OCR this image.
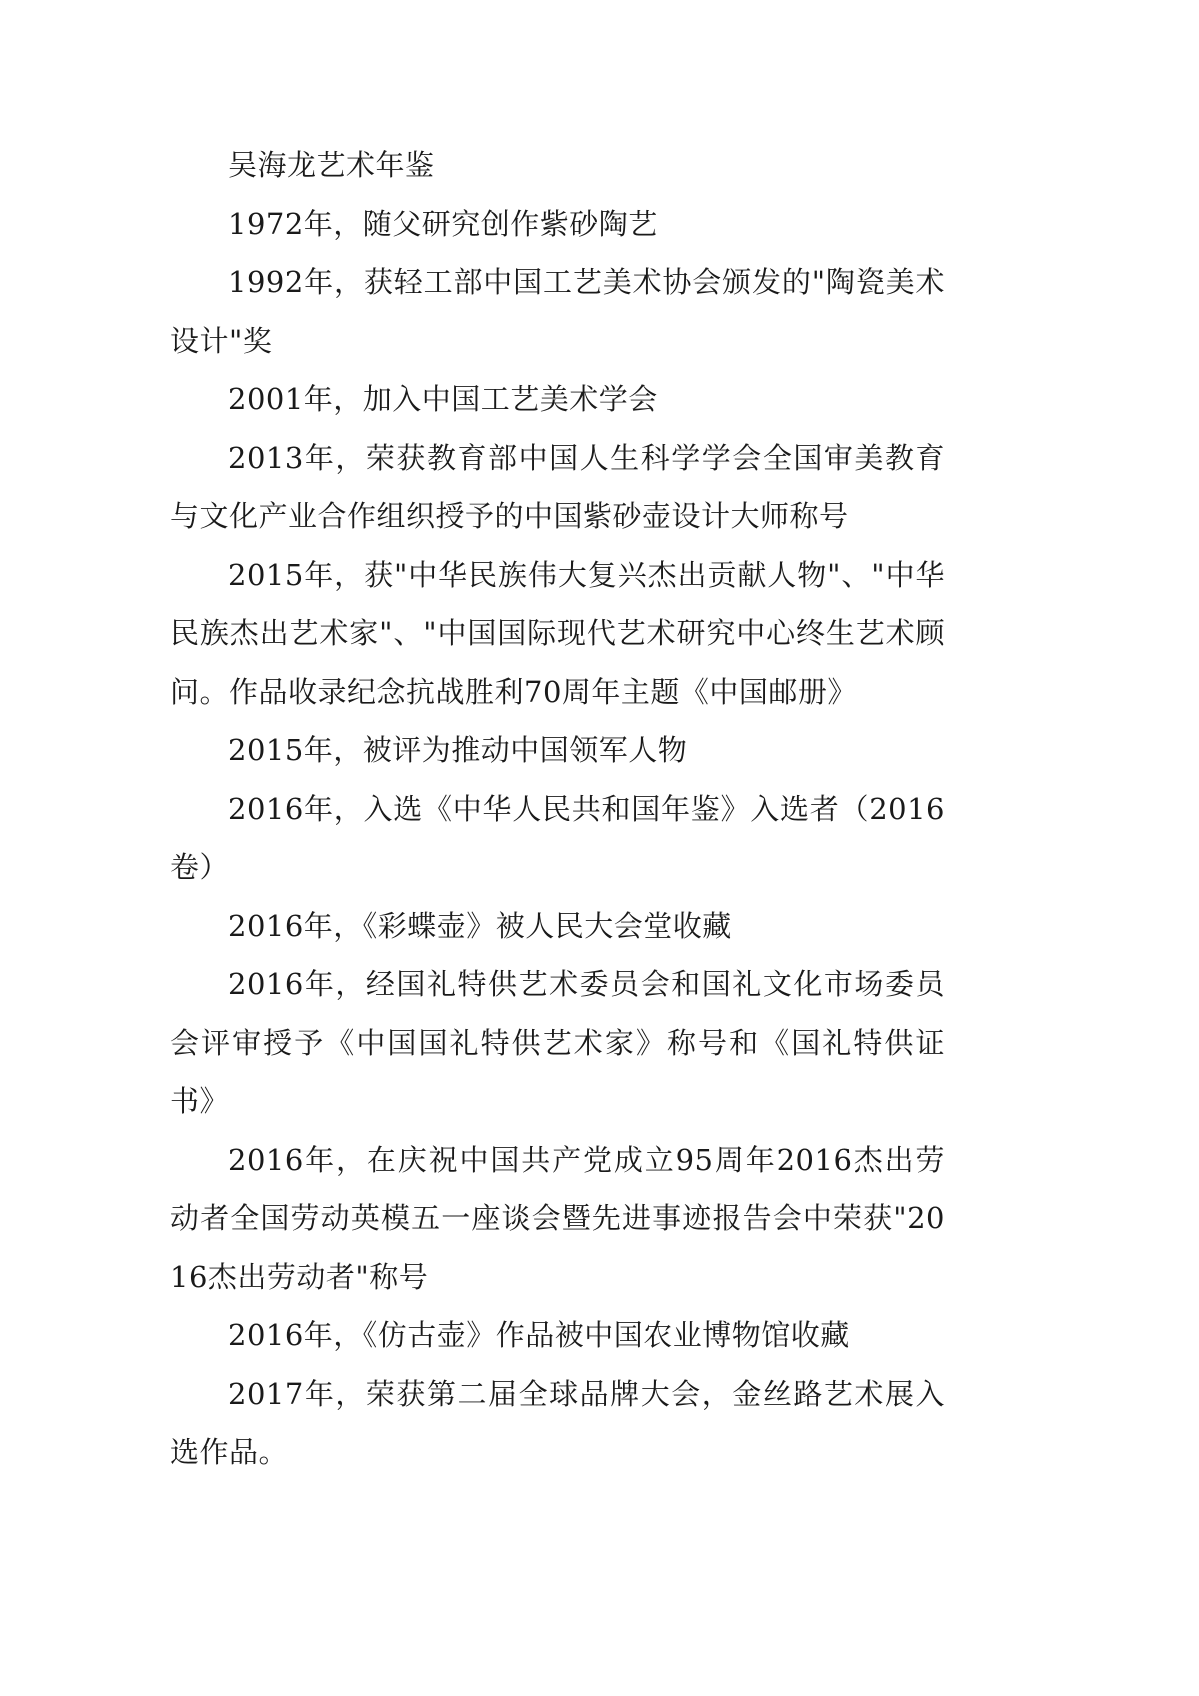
吴海龙艺术年鉴

1972年，随父研究创作紫砂陶艺

1992年，获轻工部中国工艺美术协会颁发的"陶瓷美术设计"奖

2001年，加入中国工艺美术学会

2013年，荣获教育部中国人生科学学会全国审美教育与文化产业合作组织授予的中国紫砂壶设计大师称号

2015年，获"中华民族伟大复兴杰出贡献人物"、"中华民族杰出艺术家"、"中国国际现代艺术研究中心终生艺术顾问。作品收录纪念抗战胜利70周年主题《中国邮册》

2015年，被评为推动中国领军人物

2016年，入选《中华人民共和国年鉴》入选者（2016卷）

2016年，《彩蝶壶》被人民大会堂收藏

2016年，经国礼特供艺术委员会和国礼文化市场委员会评审授予《中国国礼特供艺术家》称号和《国礼特供证书》

2016年，在庆祝中国共产党成立95周年2016杰出劳动者全国劳动英模五一座谈会暨先进事迹报告会中荣获"2016杰出劳动者"称号

2016年，《仿古壶》作品被中国农业博物馆收藏

2017年，荣获第二届全球品牌大会，金丝路艺术展入选作品。
